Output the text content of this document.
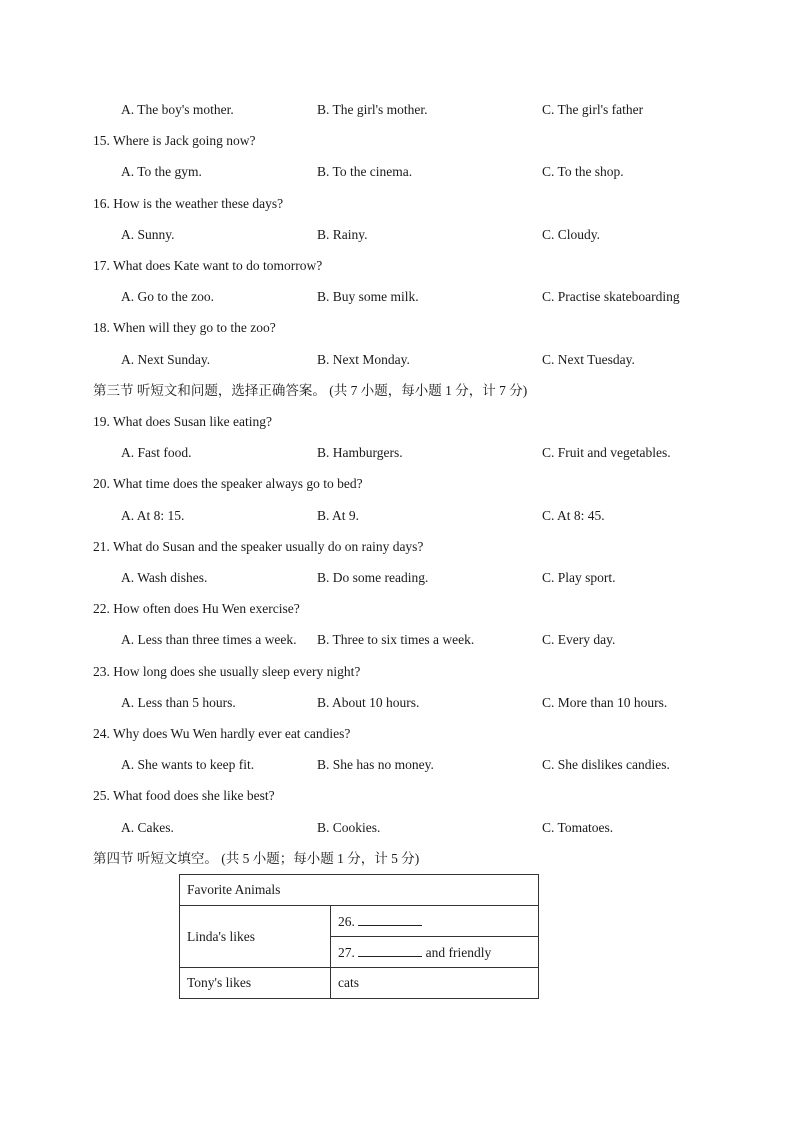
A. The boy's mother.	B. The girl's mother.	C. The girl's father
15. Where is Jack going now?
A. To the gym.	B. To the cinema.	C. To the shop.
16. How is the weather these days?
A. Sunny.	B. Rainy.	C. Cloudy.
17. What does Kate want to do tomorrow?
A. Go to the zoo.	B. Buy some milk.	C. Practise skateboarding
18. When will they go to the zoo?
A. Next Sunday.	B. Next Monday.	C. Next Tuesday.
第三节 听短文和问题，选择正确答案。 (共 7 小题，每小题 1 分，计 7 分)
19. What does Susan like eating?
A. Fast food.	B. Hamburgers.	C. Fruit and vegetables.
20. What time does the speaker always go to bed?
A. At 8: 15.	B. At 9.	C. At 8: 45.
21. What do Susan and the speaker usually do on rainy days?
A. Wash dishes.	B. Do some reading.	C. Play sport.
22. How often does Hu Wen exercise?
A. Less than three times a week. B. Three to six times a week.	C. Every day.
23. How long does she usually sleep every night?
A. Less than 5 hours.	B. About 10 hours.	C. More than 10 hours.
24. Why does Wu Wen hardly ever eat candies?
A. She wants to keep fit.	B. She has no money.	C. She dislikes candies.
25. What food does she like best?
A. Cakes.	B. Cookies.	C. Tomatoes.
第四节 听短文填空。 (共 5 小题；每小题 1 分，计 5 分)
Favorite Animals	
Linda's likes	26.
	27. and friendly
Tony's likes	cats
